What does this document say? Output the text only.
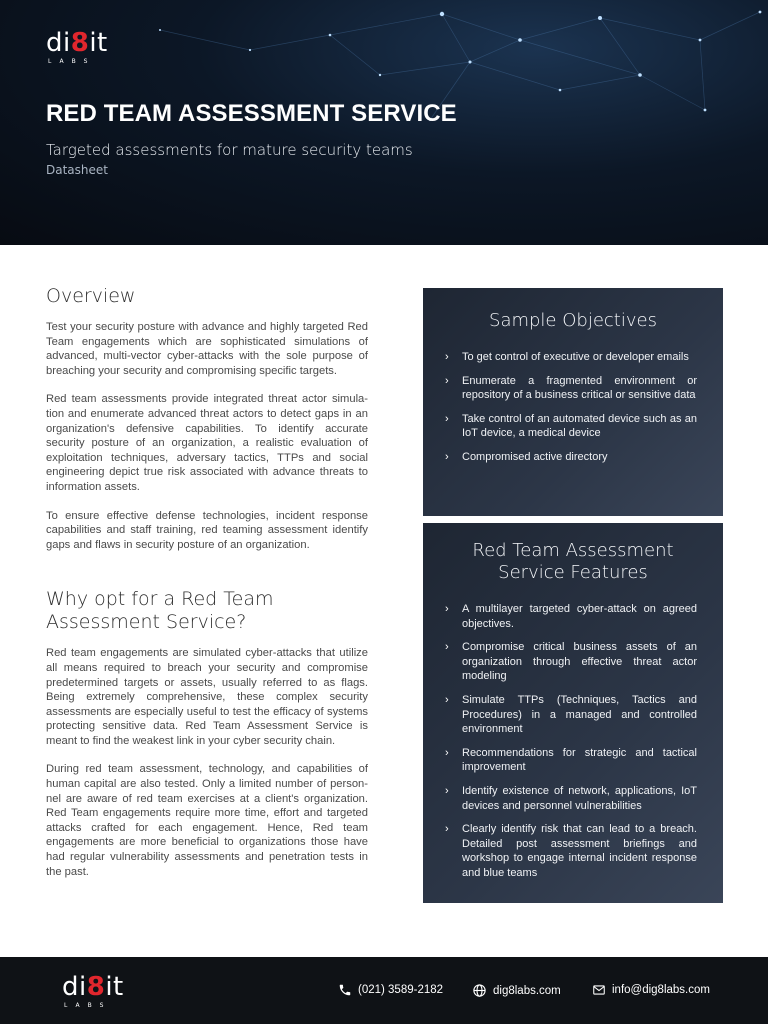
di8it
LABS
RED TEAM ASSESSMENT SERVICE
Targeted assessments for mature security teams
Datasheet
Overview

Test your security posture with advance and highly targeted Red Team engagements which are sophisticated simulations of advanced, multi-vector cyber-attacks with the sole purpose of breaching your security and compromising specific targets.

Red team assessments provide integrated threat actor simula-tion and enumerate advanced threat actors to detect gaps in an organization's defensive capabilities. To identify accurate security posture of an organization, a realistic evaluation of exploitation techniques, adversary tactics, TTPs and social engineering depict true risk associated with advance threats to information assets.

To ensure effective defense technologies, incident response capabilities and staff training, red teaming assessment identify gaps and flaws in security posture of an organization.

Why opt for a Red Team
Assessment Service?

Red team engagements are simulated cyber-attacks that utilize all means required to breach your security and compromise predetermined targets or assets, usually referred to as flags. Being extremely comprehensive, these complex security assessments are especially useful to test the efficacy of systems protecting sensitive data. Red Team Assessment Service is meant to find the weakest link in your cyber security chain.

During red team assessment, technology, and capabilities of human capital are also tested. Only a limited number of person-nel are aware of red team exercises at a client's organization. Red Team engagements require more time, effort and targeted attacks crafted for each engagement. Hence, Red team engagements are more beneficial to organizations those have had regular vulnerability assessments and penetration tests in the past.

Sample Objectives
›	To get control of executive or developer emails
›	Enumerate a fragmented environment or repository of a business critical or sensitive data
›	Take control of an automated device such as an IoT device, a medical device
›	Compromised active directory
Red Team Assessment
Service Features
›	A multilayer targeted cyber-attack on agreed objectives.
›	Compromise critical business assets of an organization through effective threat actor modeling
›	Simulate TTPs (Techniques, Tactics and Procedures) in a managed and controlled environment
›	Recommendations for strategic and tactical improvement
›	Identify existence of network, applications, IoT devices and personnel vulnerabilities
›	Clearly identify risk that can lead to a breach. Detailed post assessment briefings and workshop to engage internal incident response and blue teams
di8it
LABS
(021) 3589-2182	dig8labs.com	info@dig8labs.com
